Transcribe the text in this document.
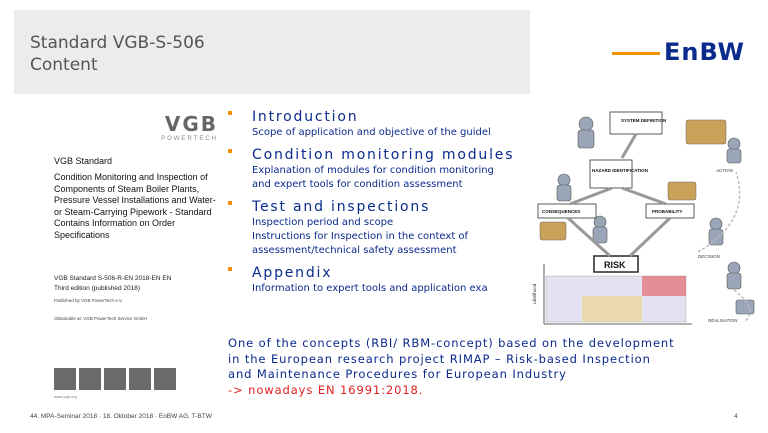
Standard VGB-S-506
Content	EnBW
VGB
POWERTECH
VGB Standard
Condition Monitoring and Inspection of Components of Steam Boiler Plants, Pressure Vessel Installations and Water- or Steam-Carrying Pipework - Standard Contains Information on Order Specifications
VGB Standard S-506-R-EN 2018-EN EN
Third edition (published 2018)
Published by VGB PowerTech e.V.
Obtainable at: VGB PowerTech Service GmbH
www.vgb.org
Introduction
Scope of application and objective of the guidel
Condition monitoring modules
Explanation of modules for condition monitoring
and expert tools for condition assessment
Test and inspections
Inspection period and scope
Instructions for Inspection in the context of
assessment/technical safety assessment
Appendix
Information to expert tools and application exa
SYSTEM DEFINITION
HAZARD IDENTIFICATION
CONSEQUENCES	PROBABILITY
RISK
Likelihood
ACTION
DECISION
REALISATION
One of the concepts (RBI/ RBM-concept) based on the development
in the European research project RIMAP – Risk-based Inspection
and Maintenance Procedures for European Industry
-> nowadays EN 16991:2018.
44. MPA-Seminar 2018 · 18. Oktober 2018 · EnBW AG, T-BTW	4
